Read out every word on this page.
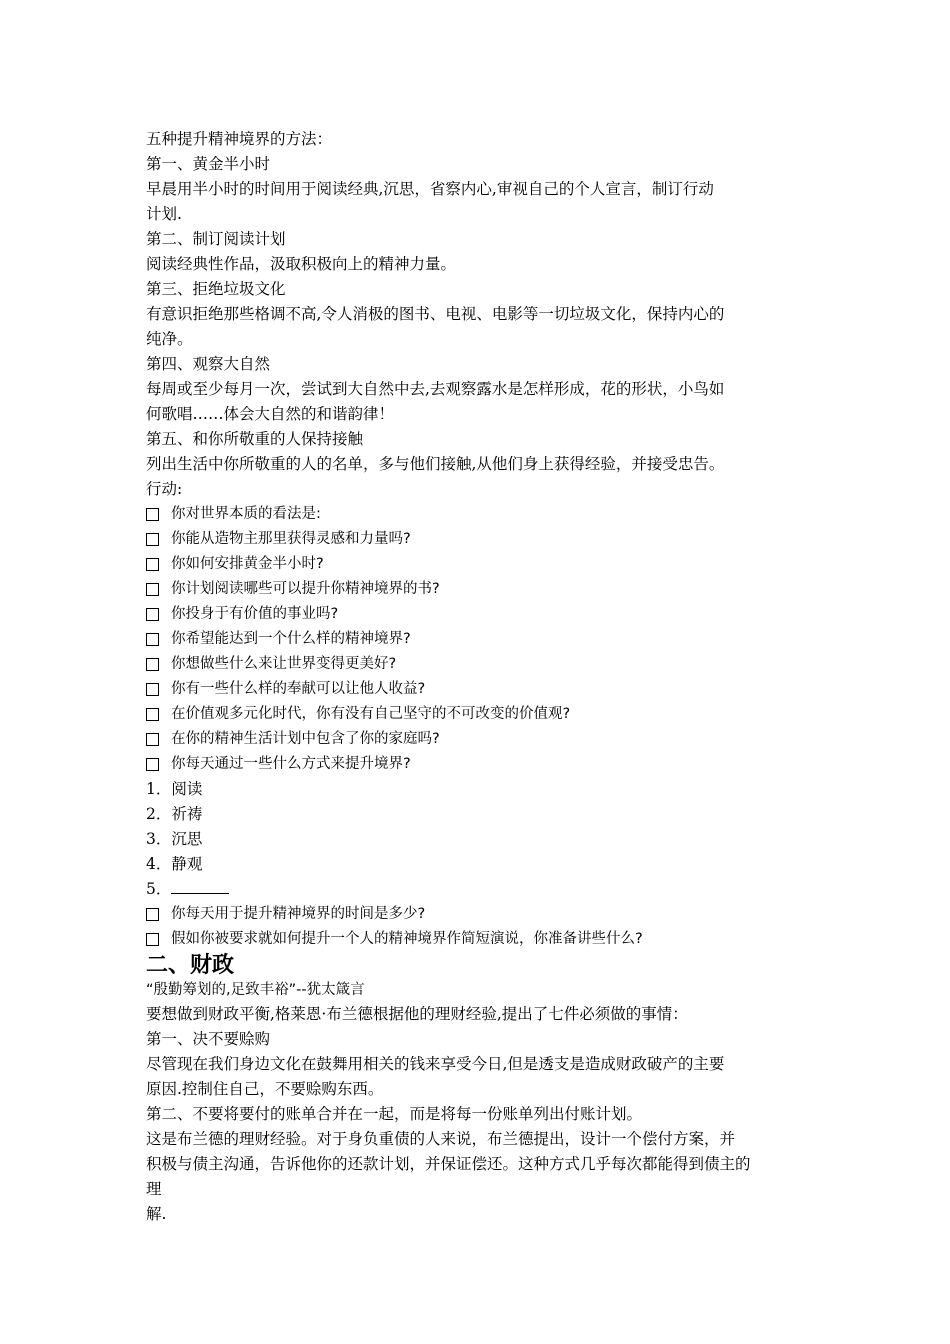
五种提升精神境界的方法：
第一、黄金半小时
早晨用半小时的时间用于阅读经典,沉思，省察内心,审视自己的个人宣言，制订行动
计划.
第二、制订阅读计划
阅读经典性作品，汲取积极向上的精神力量。
第三、拒绝垃圾文化
有意识拒绝那些格调不高,令人消极的图书、电视、电影等一切垃圾文化，保持内心的
纯净。
第四、观察大自然
每周或至少每月一次，尝试到大自然中去,去观察露水是怎样形成，花的形状，小鸟如
何歌唱……体会大自然的和谐韵律！
第五、和你所敬重的人保持接触
列出生活中你所敬重的人的名单，多与他们接触,从他们身上获得经验，并接受忠告。
行动:
你对世界本质的看法是:
你能从造物主那里获得灵感和力量吗?
你如何安排黄金半小时?
你计划阅读哪些可以提升你精神境界的书?
你投身于有价值的事业吗?
你希望能达到一个什么样的精神境界?
你想做些什么来让世界变得更美好?
你有一些什么样的奉献可以让他人收益?
在价值观多元化时代，你有没有自己坚守的不可改变的价值观?
在你的精神生活计划中包含了你的家庭吗?
你每天通过一些什么方式来提升境界?
1．阅读
2．祈祷
3．沉思
4．静观
5．
你每天用于提升精神境界的时间是多少?
假如你被要求就如何提升一个人的精神境界作简短演说，你准备讲些什么?
二、财政
“殷勤筹划的,足致丰裕”--犹太箴言
要想做到财政平衡,格莱恩·布兰德根据他的理财经验,提出了七件必须做的事情：
第一、决不要赊购
尽管现在我们身边文化在鼓舞用相关的钱来享受今日,但是透支是造成财政破产的主要
原因.控制住自己，不要赊购东西。
第二、不要将要付的账单合并在一起，而是将每一份账单列出付账计划。
这是布兰德的理财经验。对于身负重债的人来说，布兰德提出，设计一个偿付方案，并
积极与债主沟通，告诉他你的还款计划，并保证偿还。这种方式几乎每次都能得到债主的
理
解.
